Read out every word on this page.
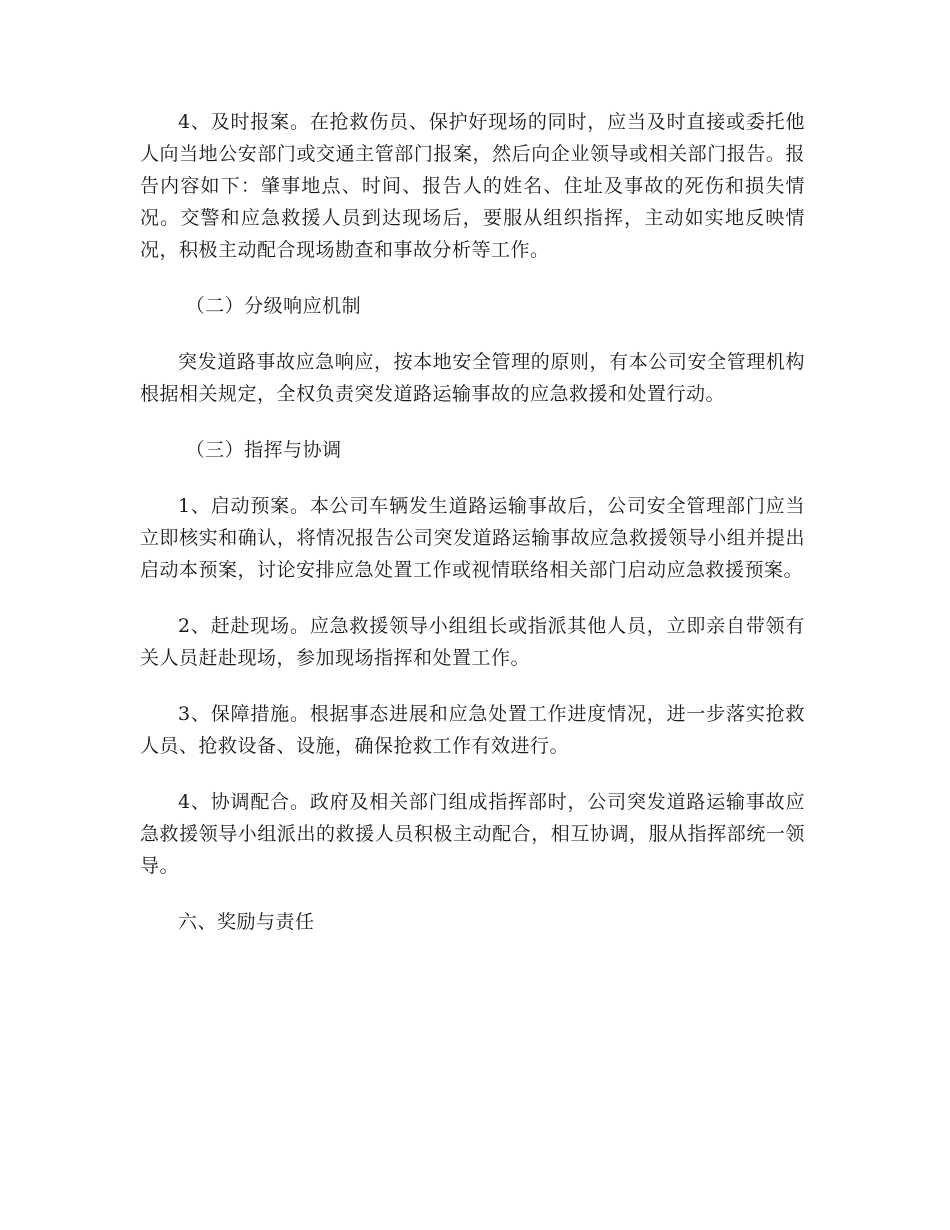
4、及时报案。在抢救伤员、保护好现场的同时，应当及时直接或委托他人向当地公安部门或交通主管部门报案，然后向企业领导或相关部门报告。报告内容如下：肇事地点、时间、报告人的姓名、住址及事故的死伤和损失情况。交警和应急救援人员到达现场后，要服从组织指挥，主动如实地反映情况，积极主动配合现场勘查和事故分析等工作。

（二）分级响应机制

突发道路事故应急响应，按本地安全管理的原则，有本公司安全管理机构根据相关规定，全权负责突发道路运输事故的应急救援和处置行动。

（三）指挥与协调

1、启动预案。本公司车辆发生道路运输事故后，公司安全管理部门应当立即核实和确认，将情况报告公司突发道路运输事故应急救援领导小组并提出启动本预案，讨论安排应急处置工作或视情联络相关部门启动应急救援预案。

2、赶赴现场。应急救援领导小组组长或指派其他人员，立即亲自带领有关人员赶赴现场，参加现场指挥和处置工作。

3、保障措施。根据事态进展和应急处置工作进度情况，进一步落实抢救人员、抢救设备、设施，确保抢救工作有效进行。

4、协调配合。政府及相关部门组成指挥部时，公司突发道路运输事故应急救援领导小组派出的救援人员积极主动配合，相互协调，服从指挥部统一领导。

六、奖励与责任
